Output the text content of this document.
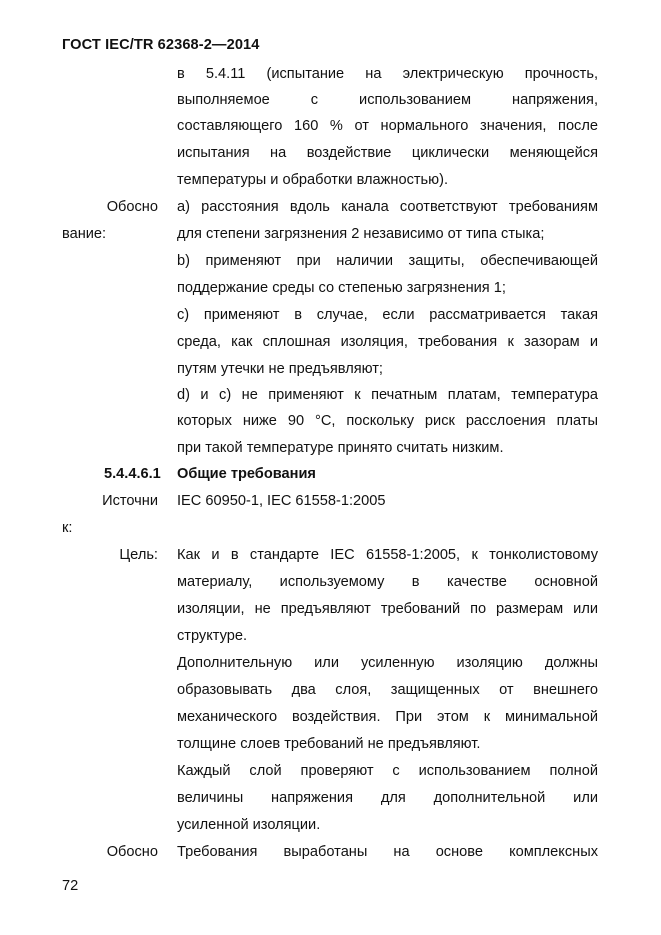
ГОСТ IEC/TR 62368-2—2014
в 5.4.11 (испытание на электрическую прочность,
выполняемое с использованием напряжения,
составляющего 160 % от нормального значения, после
испытания на воздействие циклически меняющейся
температуры и обработки влажностью).
Обосно
вание:
a) расстояния вдоль канала соответствуют требованиям
для степени загрязнения 2 независимо от типа стыка;
b) применяют при наличии защиты, обеспечивающей
поддержание среды со степенью загрязнения 1;
c) применяют в случае, если рассматривается такая
среда, как сплошная изоляция, требования к зазорам и
путям утечки не предъявляют;
d) и c) не применяют к печатным платам, температура
которых ниже 90 °C, поскольку риск расслоения платы
при такой температуре принято считать низким.
5.4.4.6.1 Общие требования
Источни
к:
IEC 60950-1, IEC 61558-1:2005
Цель: Как и в стандарте IEC 61558-1:2005, к тонколистовому
материалу, используемому в качестве основной
изоляции, не предъявляют требований по размерам или
структуре.
Дополнительную или усиленную изоляцию должны
образовывать два слоя, защищенных от внешнего
механического воздействия. При этом к минимальной
толщине слоев требований не предъявляют.
Каждый слой проверяют с использованием полной
величины напряжения для дополнительной или
усиленной изоляции.
Обосно Требования выработаны на основе комплексных
72
